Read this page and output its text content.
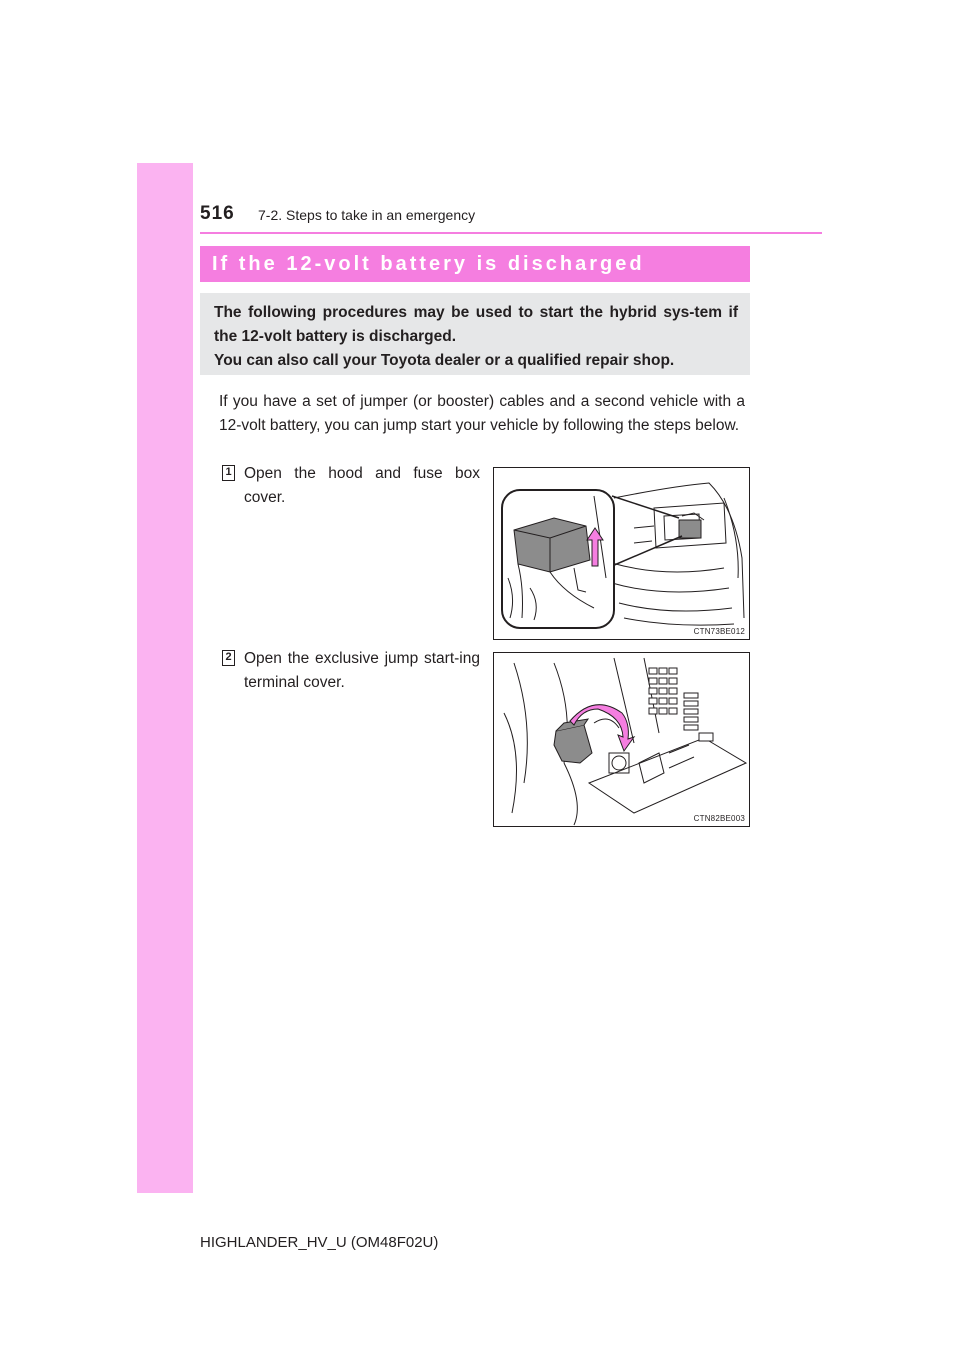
516 7-2. Steps to take in an emergency
If the 12-volt battery is discharged
The following procedures may be used to start the hybrid sys-tem if the 12-volt battery is discharged.
You can also call your Toyota dealer or a qualified repair shop.
If you have a set of jumper (or booster) cables and a second vehicle with a 12-volt battery, you can jump start your vehicle by following the steps below.
1 Open the hood and fuse box cover.
CTN73BE012
2 Open the exclusive jump start-ing terminal cover.
CTN82BE003
HIGHLANDER_HV_U (OM48F02U)
